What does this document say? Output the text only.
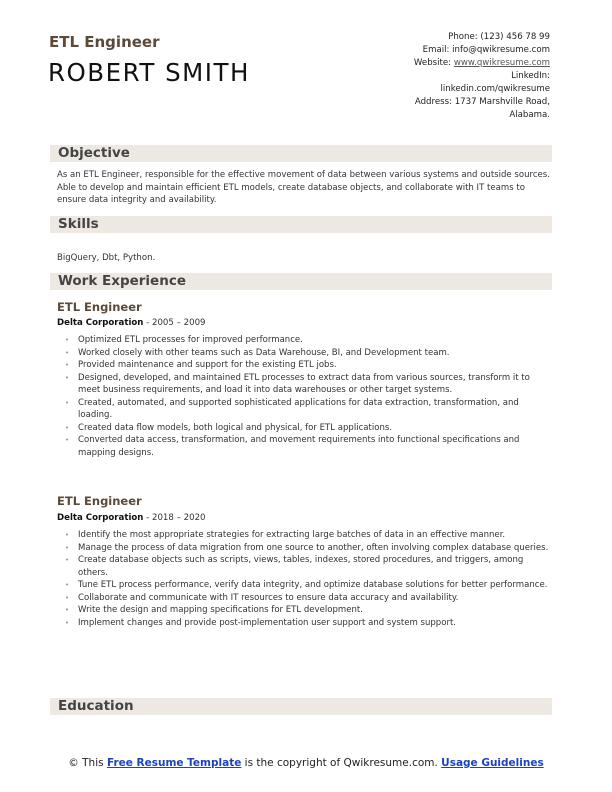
ETL Engineer
ROBERT SMITH
Phone: (123) 456 78 99
Email: info@qwikresume.com
Website: www.qwikresume.com
LinkedIn:
linkedin.com/qwikresume
Address: 1737 Marshville Road,
Alabama.
Objective
As an ETL Engineer, responsible for the effective movement of data between various systems and outside sources. Able to develop and maintain efficient ETL models, create database objects, and collaborate with IT teams to ensure data integrity and availability.
Skills
BigQuery, Dbt, Python.
Work Experience
ETL Engineer
Delta Corporation - 2005 – 2009
• Optimized ETL processes for improved performance.
• Worked closely with other teams such as Data Warehouse, BI, and Development team.
• Provided maintenance and support for the existing ETL jobs.
• Designed, developed, and maintained ETL processes to extract data from various sources, transform it to meet business requirements, and load it into data warehouses or other target systems.
• Created, automated, and supported sophisticated applications for data extraction, transformation, and loading.
• Created data flow models, both logical and physical, for ETL applications.
• Converted data access, transformation, and movement requirements into functional specifications and mapping designs.
ETL Engineer
Delta Corporation - 2018 – 2020
• Identify the most appropriate strategies for extracting large batches of data in an effective manner.
• Manage the process of data migration from one source to another, often involving complex database queries.
• Create database objects such as scripts, views, tables, indexes, stored procedures, and triggers, among others.
• Tune ETL process performance, verify data integrity, and optimize database solutions for better performance.
• Collaborate and communicate with IT resources to ensure data accuracy and availability.
• Write the design and mapping specifications for ETL development.
• Implement changes and provide post-implementation user support and system support.
Education
© This Free Resume Template is the copyright of Qwikresume.com. Usage Guidelines
